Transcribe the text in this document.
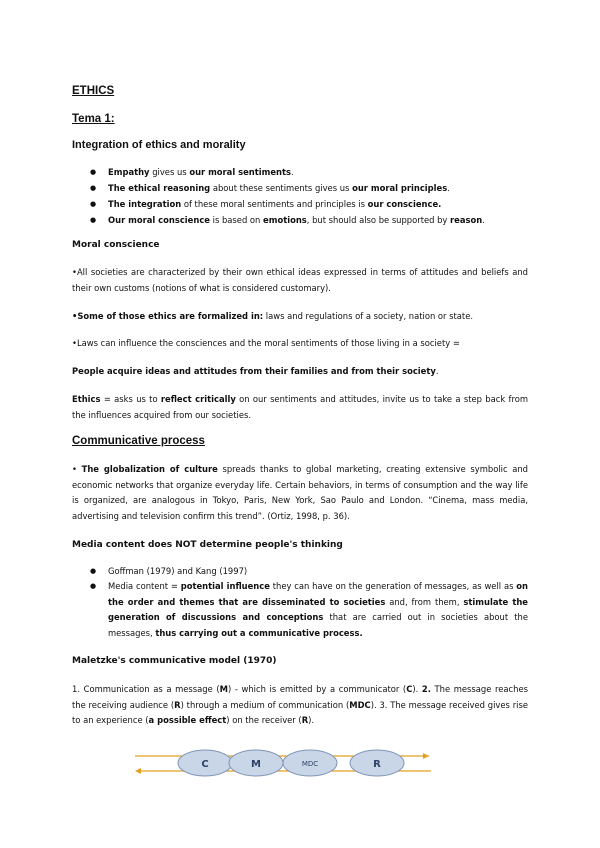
ETHICS

Tema 1:

Integration of ethics and morality

● Empathy gives us our moral sentiments.
● The ethical reasoning about these sentiments gives us our moral principles.
● The integration of these moral sentiments and principles is our conscience.
● Our moral conscience is based on emotions, but should also be supported by reason.

Moral conscience

•All societies are characterized by their own ethical ideas expressed in terms of attitudes and beliefs and their own customs (notions of what is considered customary).

•Some of those ethics are formalized in: laws and regulations of a society, nation or state.

•Laws can influence the consciences and the moral sentiments of those living in a society =

People acquire ideas and attitudes from their families and from their society.

Ethics = asks us to reflect critically on our sentiments and attitudes, invite us to take a step back from the influences acquired from our societies.

Communicative process

• The globalization of culture spreads thanks to global marketing, creating extensive symbolic and economic networks that organize everyday life. Certain behaviors, in terms of consumption and the way life is organized, are analogous in Tokyo, Paris, New York, Sao Paulo and London. “Cinema, mass media, advertising and television confirm this trend”. (Ortiz, 1998, p. 36).

Media content does NOT determine people's thinking

● Goffman (1979) and Kang (1997)
● Media content = potential influence they can have on the generation of messages, as well as on the order and themes that are disseminated to societies and, from them, stimulate the generation of discussions and conceptions that are carried out in societies about the messages, thus carrying out a communicative process.

Maletzke's communicative model (1970)

1. Communication as a message (M) - which is emitted by a communicator (C). 2. The message reaches the receiving audience (R) through a medium of communication (MDC). 3. The message received gives rise to an experience (a possible effect) on the receiver (R).

C	M	MDC	R
